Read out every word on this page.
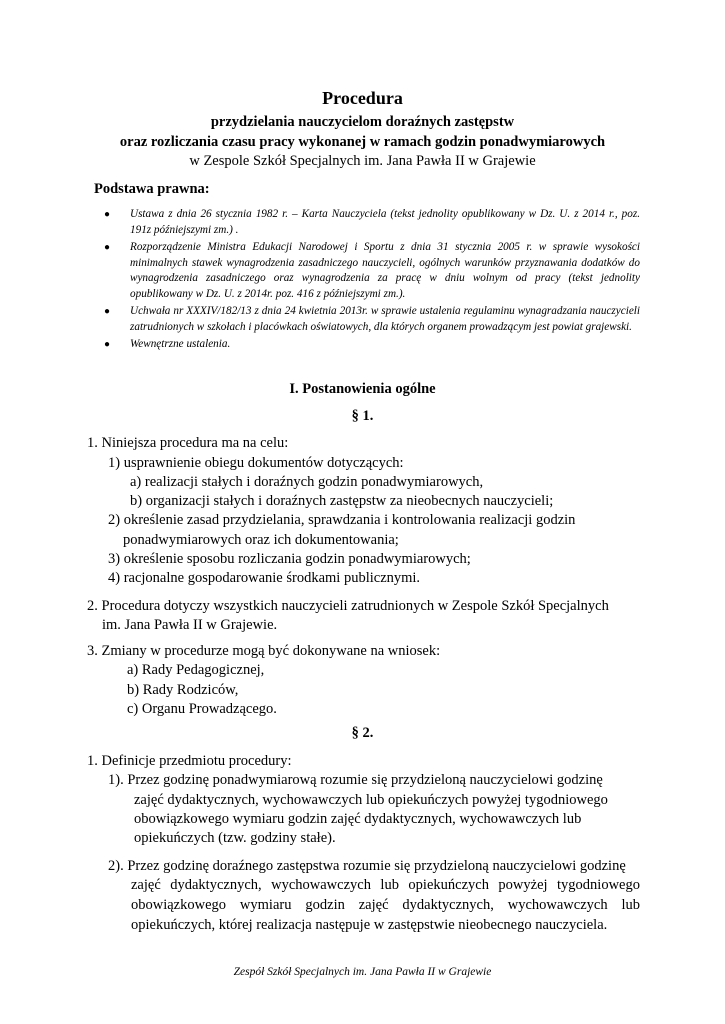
Procedura
przydzielania nauczycielom doraźnych zastępstw
oraz rozliczania czasu pracy wykonanej w ramach godzin ponadwymiarowych
w Zespole Szkół Specjalnych im. Jana Pawła II w Grajewie
Podstawa prawna:
● Ustawa z dnia 26 stycznia 1982 r. – Karta Nauczyciela (tekst jednolity opublikowany w Dz. U. z 2014 r., poz. 191z późniejszymi zm.) .
● Rozporządzenie Ministra Edukacji Narodowej i Sportu z dnia 31 stycznia 2005 r. w sprawie wysokości minimalnych stawek wynagrodzenia zasadniczego nauczycieli, ogólnych warunków przyznawania dodatków do wynagrodzenia zasadniczego oraz wynagrodzenia za pracę w dniu wolnym od pracy (tekst jednolity opublikowany w Dz. U. z 2014r. poz. 416 z późniejszymi zm.).
● Uchwała nr XXXIV/182/13 z dnia 24 kwietnia 2013r. w sprawie ustalenia regulaminu wynagradzania nauczycieli zatrudnionych w szkołach i placówkach oświatowych, dla których organem prowadzącym jest powiat grajewski.
● Wewnętrzne ustalenia.
I. Postanowienia ogólne
§ 1.
1. Niniejsza procedura ma na celu:
1) usprawnienie obiegu dokumentów dotyczących:
a) realizacji stałych i doraźnych godzin ponadwymiarowych,
b) organizacji stałych i doraźnych zastępstw za nieobecnych nauczycieli;
2) określenie zasad przydzielania, sprawdzania i kontrolowania realizacji godzin
ponadwymiarowych oraz ich dokumentowania;
3) określenie sposobu rozliczania godzin ponadwymiarowych;
4) racjonalne gospodarowanie środkami publicznymi.
2. Procedura dotyczy wszystkich nauczycieli zatrudnionych w Zespole Szkół Specjalnych
im. Jana Pawła II w Grajewie.
3. Zmiany w procedurze mogą być dokonywane na wniosek:
a) Rady Pedagogicznej,
b) Rady Rodziców,
c) Organu Prowadzącego.
§ 2.
1. Definicje przedmiotu procedury:
1). Przez godzinę ponadwymiarową rozumie się przydzieloną nauczycielowi godzinę
zajęć dydaktycznych, wychowawczych lub opiekuńczych powyżej tygodniowego
obowiązkowego wymiaru godzin zajęć dydaktycznych, wychowawczych lub
opiekuńczych (tzw. godziny stałe).
2). Przez godzinę doraźnego zastępstwa rozumie się przydzieloną nauczycielowi godzinę
zajęć dydaktycznych, wychowawczych lub opiekuńczych powyżej tygodniowego obowiązkowego wymiaru godzin zajęć dydaktycznych, wychowawczych lub opiekuńczych, której realizacja następuje w zastępstwie nieobecnego nauczyciela.
Zespół Szkół Specjalnych im. Jana Pawła II w Grajewie
